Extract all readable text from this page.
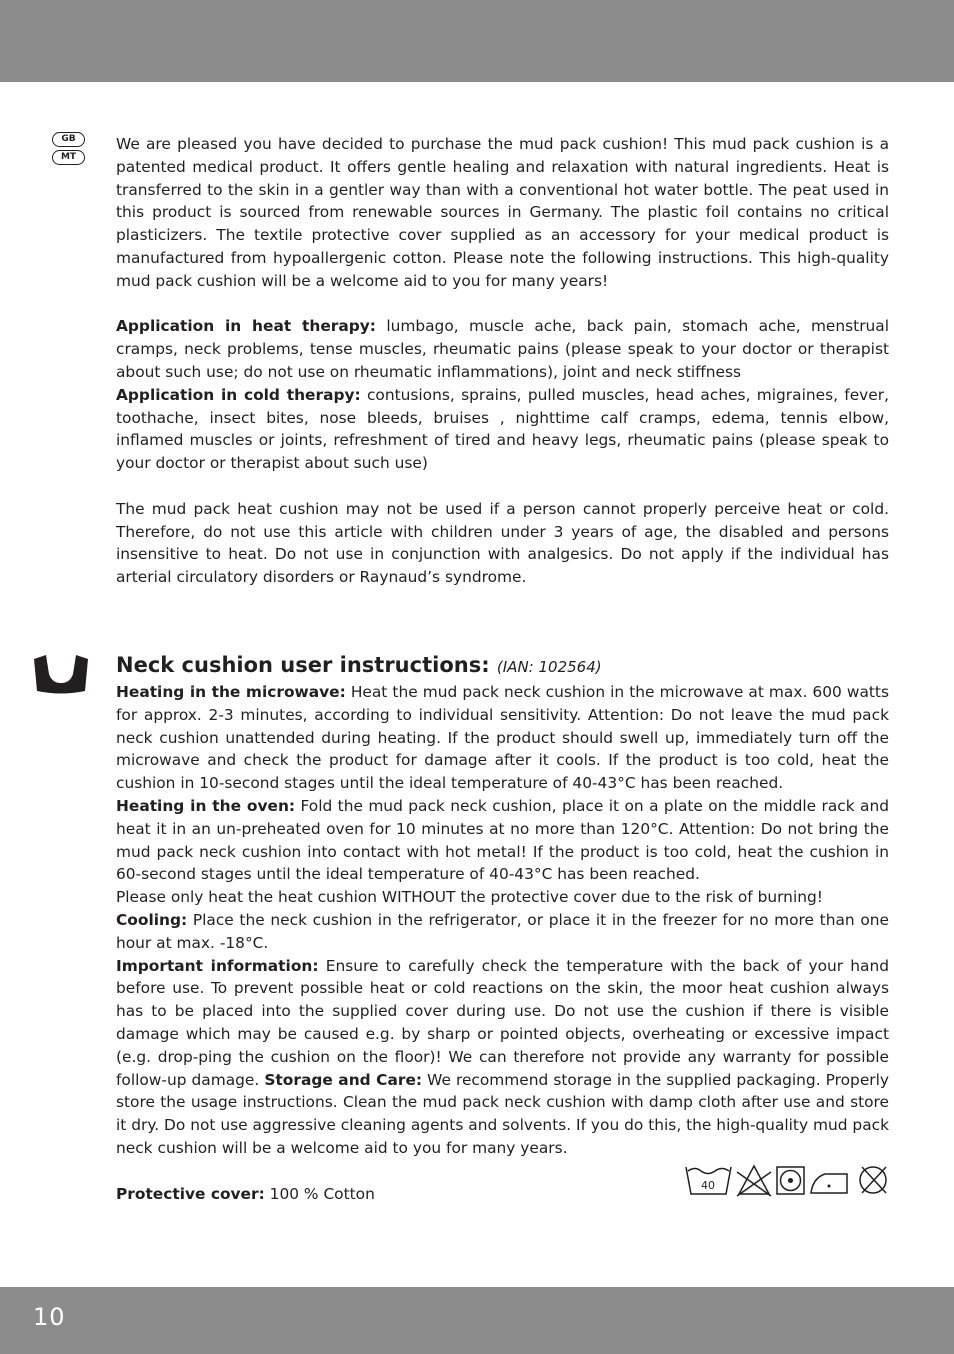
GB
MT

We are pleased you have decided to purchase the mud pack cushion! This mud pack cushion is a patented medical product. It offers gentle healing and relaxation with natural ingredients. Heat is transferred to the skin in a gentler way than with a conventional hot water bottle. The peat used in this product is sourced from renewable sources in Germany. The plastic foil contains no critical plasticizers. The textile protective cover supplied as an accessory for your medical product is manufactured from hypoallergenic cotton. Please note the following instructions. This high-quality mud pack cushion will be a welcome aid to you for many years!

Application in heat therapy: lumbago, muscle ache, back pain, stomach ache, menstrual cramps, neck problems, tense muscles, rheumatic pains (please speak to your doctor or therapist about such use; do not use on rheumatic inflammations), joint and neck stiffness

Application in cold therapy: contusions, sprains, pulled muscles, head aches, migraines, fever, toothache, insect bites, nose bleeds, bruises , nighttime calf cramps, edema, tennis elbow, inflamed muscles or joints, refreshment of tired and heavy legs, rheumatic pains (please speak to your doctor or therapist about such use)

The mud pack heat cushion may not be used if a person cannot properly perceive heat or cold. Therefore, do not use this article with children under 3 years of age, the disabled and persons insensitive to heat. Do not use in conjunction with analgesics. Do not apply if the individual has arterial circulatory disorders or Raynaud’s syndrome.

Neck cushion user instructions: (IAN: 102564)

Heating in the microwave: Heat the mud pack neck cushion in the microwave at max. 600 watts for approx. 2-3 minutes, according to individual sensitivity. Attention: Do not leave the mud pack neck cushion unattended during heating. If the product should swell up, immediately turn off the microwave and check the product for damage after it cools. If the product is too cold, heat the cushion in 10-second stages until the ideal temperature of 40-43°C has been reached.

Heating in the oven: Fold the mud pack neck cushion, place it on a plate on the middle rack and heat it in an un-preheated oven for 10 minutes at no more than 120°C. Attention: Do not bring the mud pack neck cushion into contact with hot metal! If the product is too cold, heat the cushion in 60-second stages until the ideal temperature of 40-43°C has been reached.

Please only heat the heat cushion WITHOUT the protective cover due to the risk of burning!

Cooling: Place the neck cushion in the refrigerator, or place it in the freezer for no more than one hour at max. -18°C.

Important information: Ensure to carefully check the temperature with the back of your hand before use. To prevent possible heat or cold reactions on the skin, the moor heat cushion always has to be placed into the supplied cover during use. Do not use the cushion if there is visible damage which may be caused e.g. by sharp or pointed objects, overheating or excessive impact (e.g. drop-ping the cushion on the floor)! We can therefore not provide any warranty for possible follow-up damage. Storage and Care: We recommend storage in the supplied packaging. Properly store the usage instructions. Clean the mud pack neck cushion with damp cloth after use and store it dry. Do not use aggressive cleaning agents and solvents. If you do this, the high-quality mud pack neck cushion will be a welcome aid to you for many years.

Protective cover: 100 % Cotton	40
10
